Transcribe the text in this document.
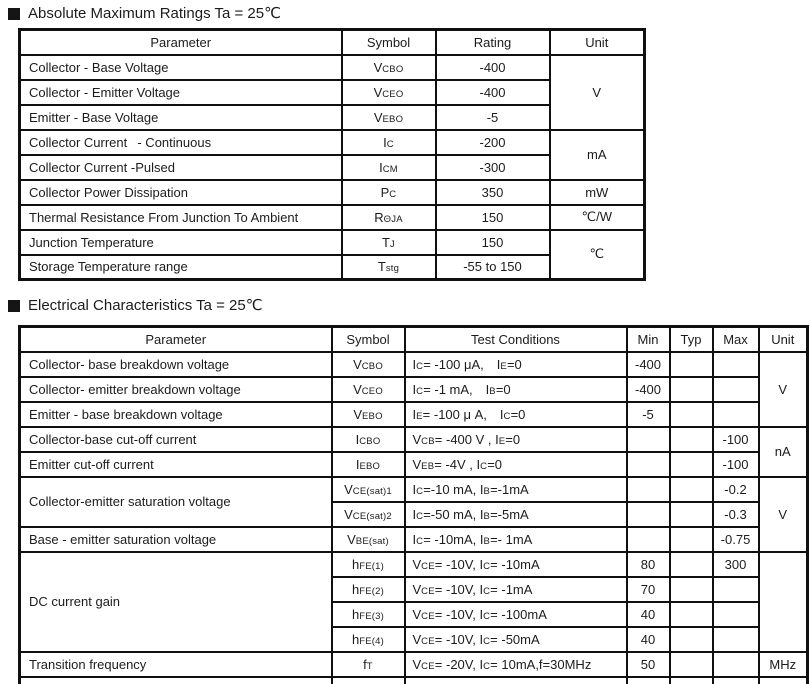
Absolute Maximum Ratings Ta = 25℃
Parameter	Symbol	Rating	Unit
Collector - Base Voltage	VCBO	-400	V
Collector - Emitter Voltage	VCEO	-400	
Emitter - Base Voltage	VEBO	-5	
Collector Current  - Continuous	IC	-200	mA
Collector Current -Pulsed	ICM	-300	
Collector Power Dissipation	PC	350	mW
Thermal Resistance From Junction To Ambient	RΘJA	150	℃/W
Junction Temperature	TJ	150	℃
Storage Temperature range	Tstg	-55 to 150	
Electrical Characteristics Ta = 25℃
Parameter	Symbol	Test Conditions	Min	Typ	Max	Unit
Collector- base breakdown voltage	VCBO	IC= -100 μA,  IE=0	-400			V
Collector- emitter breakdown voltage	VCEO	IC= -1 mA,  IB=0	-400			
Emitter - base breakdown voltage	VEBO	IE= -100 μ A,  IC=0	-5			
Collector-base cut-off current	ICBO	VCB= -400 V , IE=0			-100	nA
Emitter cut-off current	IEBO	VEB= -4V , IC=0			-100	
Collector-emitter saturation voltage	VCE(sat)1	IC=-10 mA, IB=-1mA			-0.2	V
	VCE(sat)2	IC=-50 mA, IB=-5mA			-0.3	
Base - emitter saturation voltage	VBE(sat)	IC= -10mA, IB=- 1mA			-0.75	
DC current gain	hFE(1)	VCE= -10V, IC= -10mA	80		300	
	hFE(2)	VCE= -10V, IC= -1mA	70			
	hFE(3)	VCE= -10V, IC= -100mA	40			
	hFE(4)	VCE= -10V, IC= -50mA	40			
Transition frequency	fT	VCE= -20V, IC= 10mA,f=30MHz	50			MHz
